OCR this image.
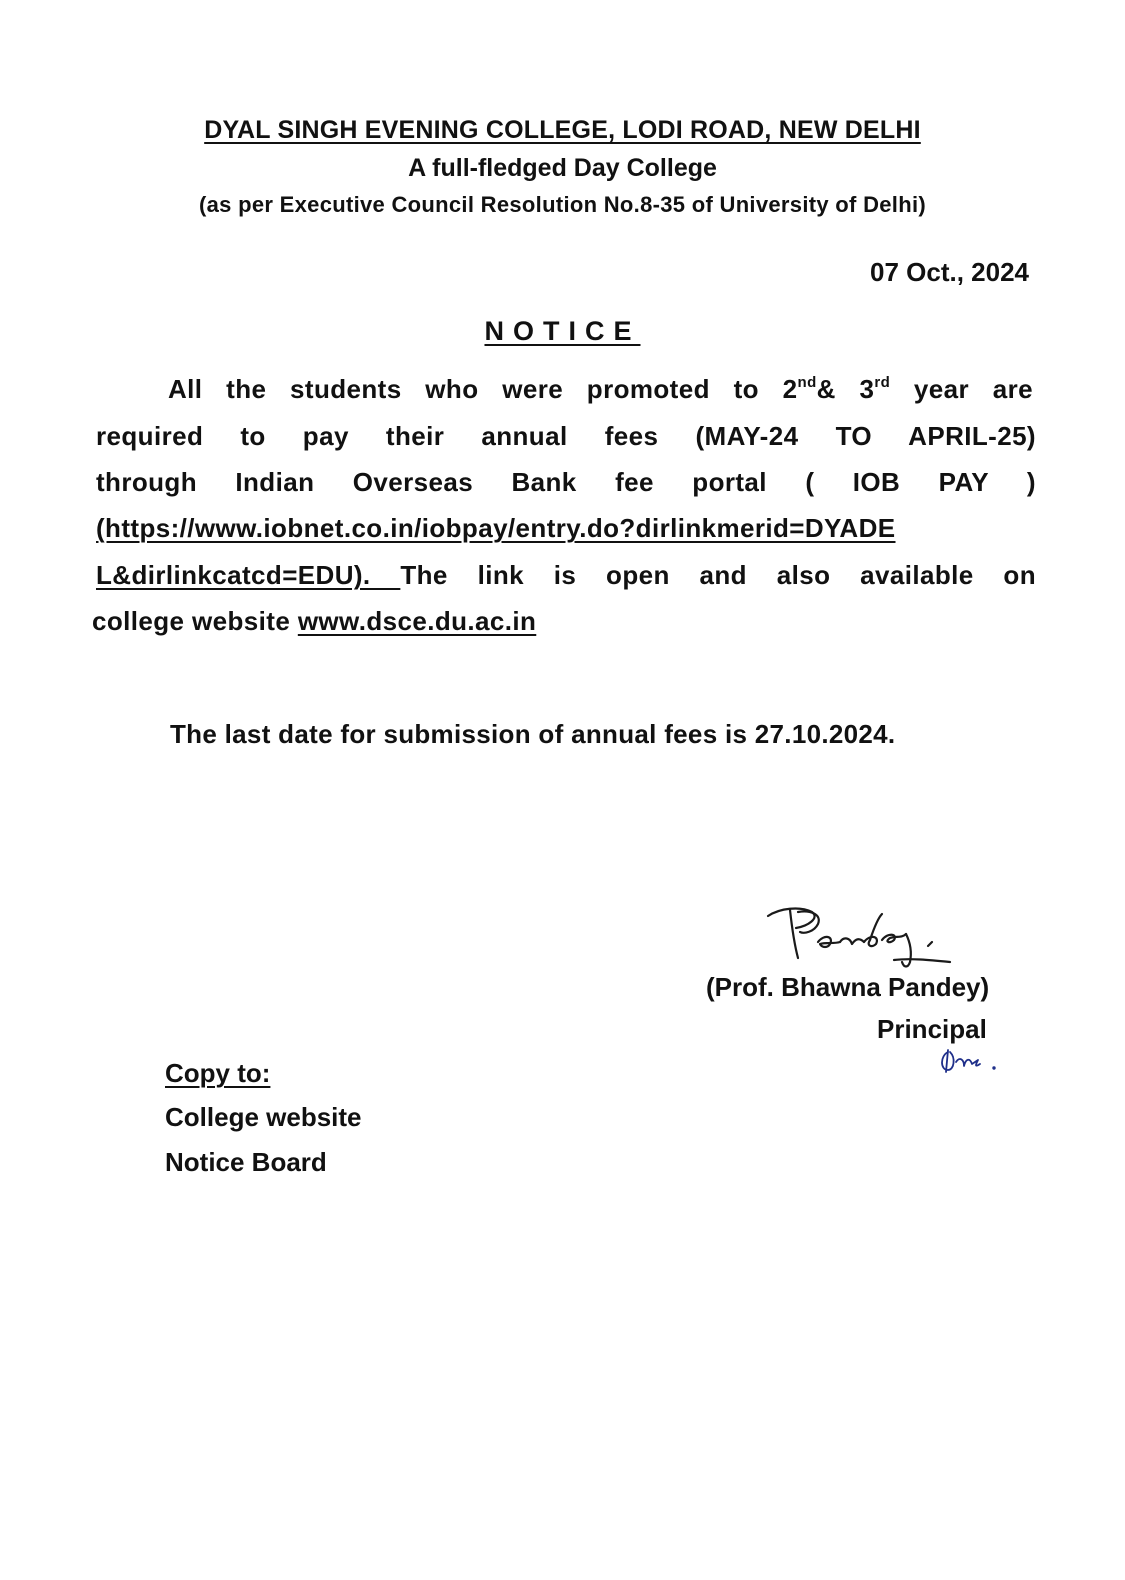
DYAL SINGH EVENING COLLEGE, LODI ROAD, NEW DELHI
A full-fledged Day College
(as per Executive Council Resolution No.8-35 of University of Delhi)
07 Oct., 2024
NOTICE
All the students who were promoted to 2nd& 3rd year are
required to pay their annual fees (MAY-24 TO APRIL-25)
through Indian Overseas Bank fee portal ( IOB PAY )
(https://www.iobnet.co.in/iobpay/entry.do?dirlinkmerid=DYADE
L&dirlinkcatcd=EDU). The link is open and also available on
college website www.dsce.du.ac.in
The last date for submission of annual fees is 27.10.2024.
(Prof. Bhawna Pandey)
Principal
Copy to:
College website
Notice Board
